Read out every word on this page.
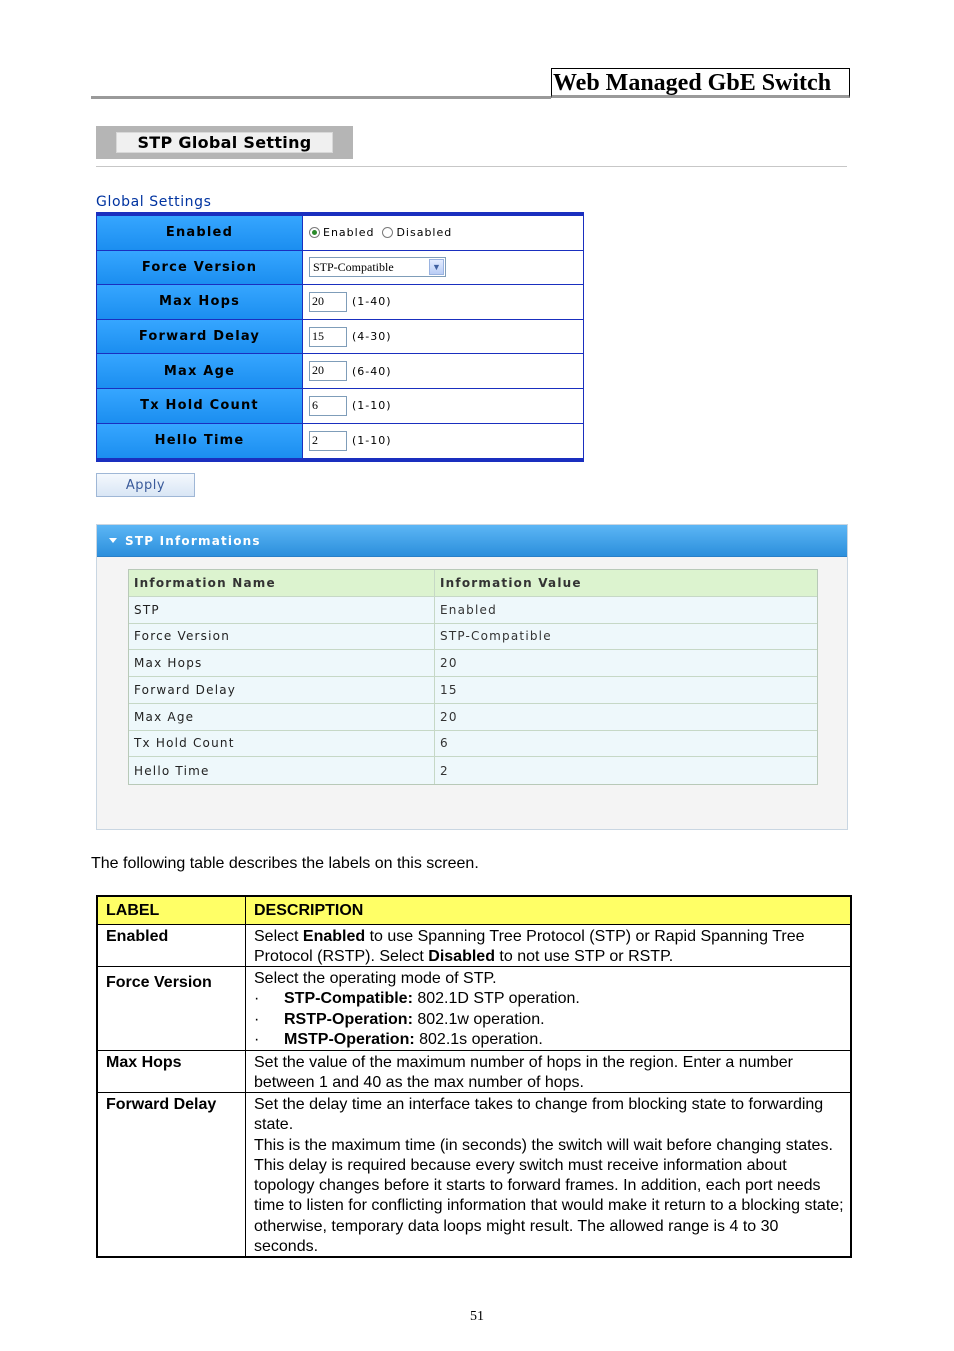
Web Managed GbE Switch
STP Global Setting
Global Settings
Enabled	Enabled Disabled
Force Version	STP-Compatible	▼
Max Hops	20	(1-40)
Forward Delay	15	(4-30)
Max Age	20	(6-40)
Tx Hold Count	6	(1-10)
Hello Time	2	(1-10)
Apply
STP Informations
Information Name	Information Value
STP	Enabled
Force Version	STP-Compatible
Max Hops	20
Forward Delay	15
Max Age	20
Tx Hold Count	6
Hello Time	2
The following table describes the labels on this screen.
LABEL	DESCRIPTION
Enabled	Select Enabled to use Spanning Tree Protocol (STP) or Rapid Spanning Tree Protocol (RSTP). Select Disabled to not use STP or RSTP.
Force Version	Select the operating mode of STP.
·	STP-Compatible: 802.1D STP operation.
·	RSTP-Operation: 802.1w operation.
·	MSTP-Operation: 802.1s operation.
Max Hops	Set the value of the maximum number of hops in the region. Enter a number between 1 and 40 as the max number of hops.
Forward Delay	Set the delay time an interface takes to change from blocking state to forwarding state.
This is the maximum time (in seconds) the switch will wait before changing states. This delay is required because every switch must receive information about topology changes before it starts to forward frames. In addition, each port needs time to listen for conflicting information that would make it return to a blocking state; otherwise, temporary data loops might result. The allowed range is 4 to 30 seconds.
51
